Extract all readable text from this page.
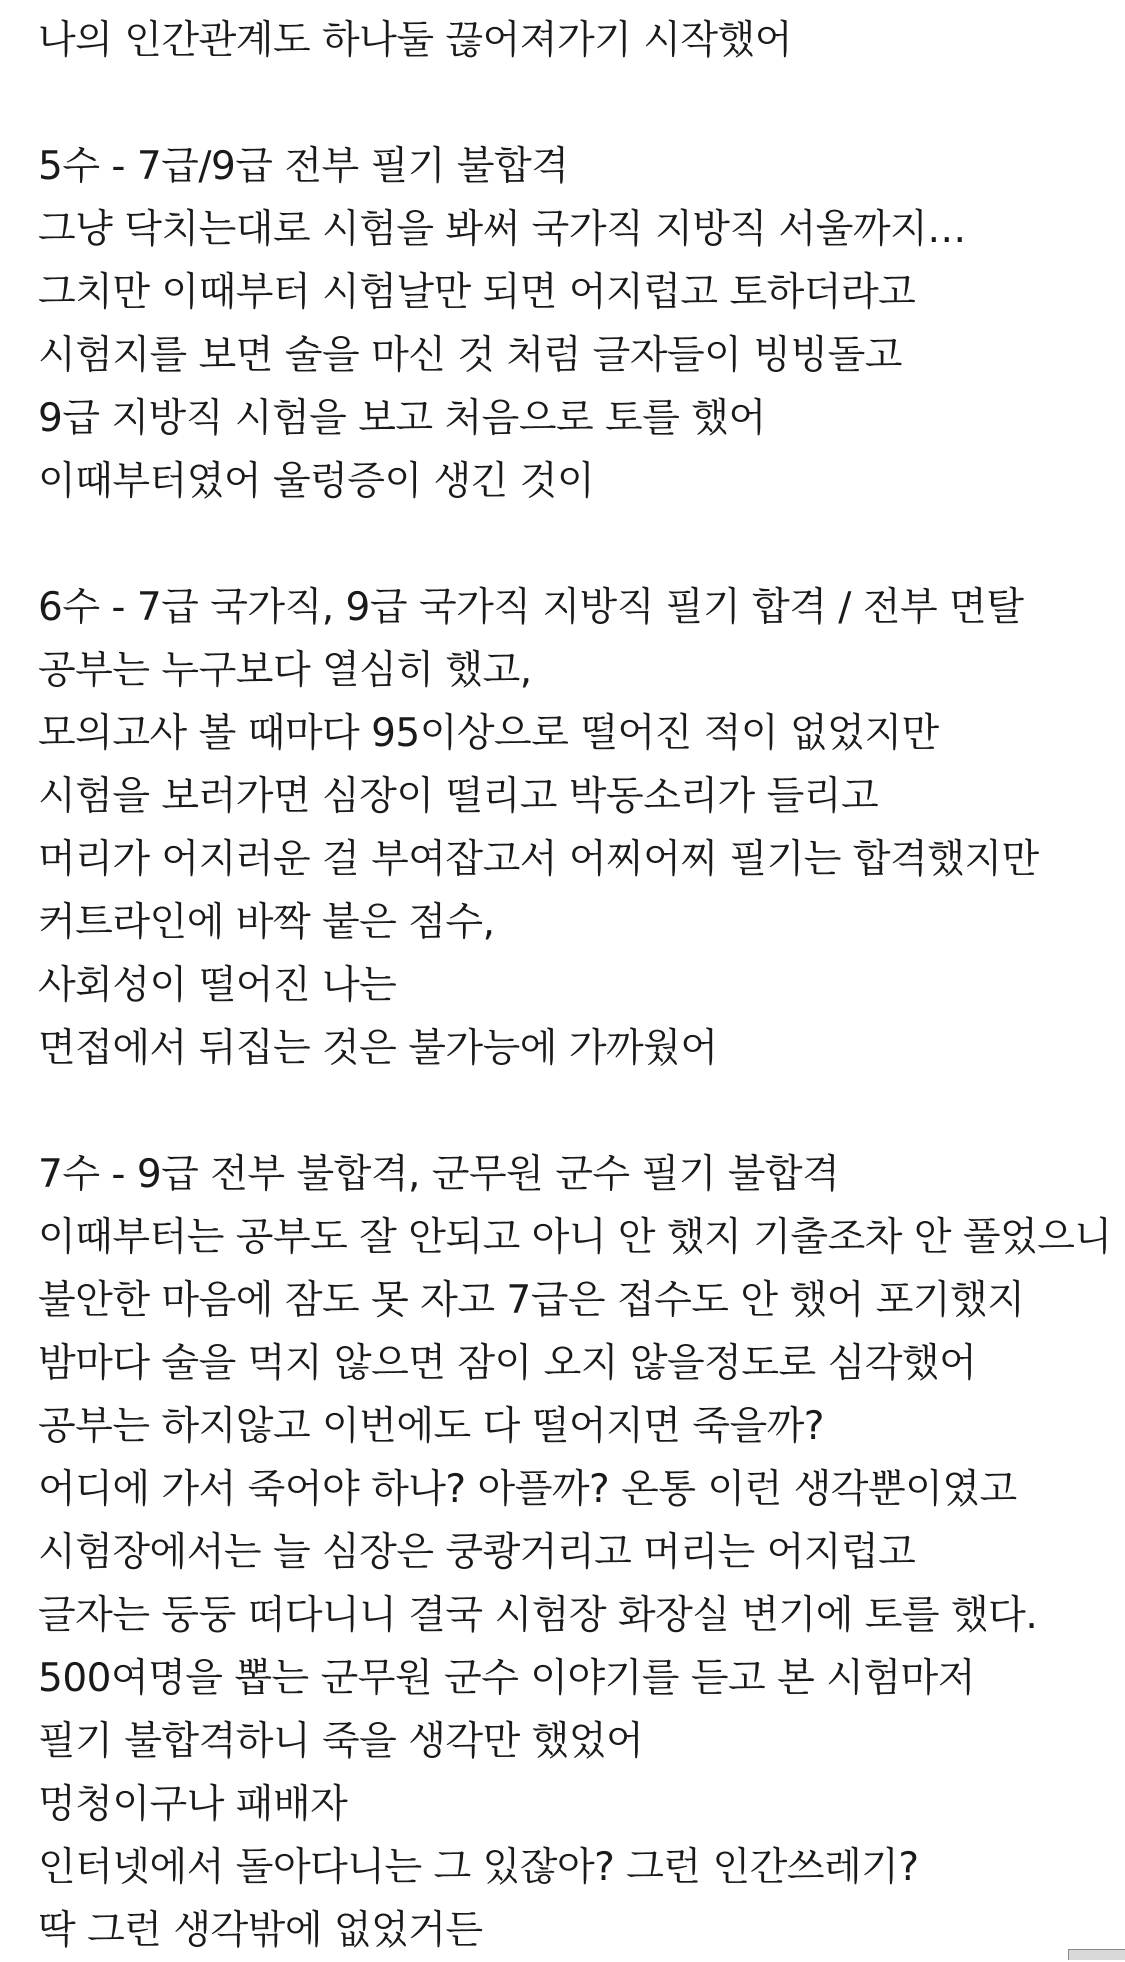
나의 인간관계도 하나둘 끊어져가기 시작했어
5수 - 7급/9급 전부 필기 불합격
그냥 닥치는대로 시험을 봐써 국가직 지방직 서울까지…
그치만 이때부터 시험날만 되면 어지럽고 토하더라고
시험지를 보면 술을 마신 것 처럼 글자들이 빙빙돌고
9급 지방직 시험을 보고 처음으로 토를 했어
이때부터였어 울렁증이 생긴 것이
6수 - 7급 국가직, 9급 국가직 지방직 필기 합격 / 전부 면탈
공부는 누구보다 열심히 했고,
모의고사 볼 때마다 95이상으로 떨어진 적이 없었지만
시험을 보러가면 심장이 떨리고 박동소리가 들리고
머리가 어지러운 걸 부여잡고서 어찌어찌 필기는 합격했지만
커트라인에 바짝 붙은 점수,
사회성이 떨어진 나는
면접에서 뒤집는 것은 불가능에 가까웠어
7수 - 9급 전부 불합격, 군무원 군수 필기 불합격
이때부터는 공부도 잘 안되고 아니 안 했지 기출조차 안 풀었으니
불안한 마음에 잠도 못 자고 7급은 접수도 안 했어 포기했지
밤마다 술을 먹지 않으면 잠이 오지 않을정도로 심각했어
공부는 하지않고 이번에도 다 떨어지면 죽을까?
어디에 가서 죽어야 하나? 아플까? 온통 이런 생각뿐이였고
시험장에서는 늘 심장은 쿵쾅거리고 머리는 어지럽고
글자는 둥둥 떠다니니 결국 시험장 화장실 변기에 토를 했다.
500여명을 뽑는 군무원 군수 이야기를 듣고 본 시험마저
필기 불합격하니 죽을 생각만 했었어
멍청이구나 패배자
인터넷에서 돌아다니는 그 있잖아? 그런 인간쓰레기?
딱 그런 생각밖에 없었거든
